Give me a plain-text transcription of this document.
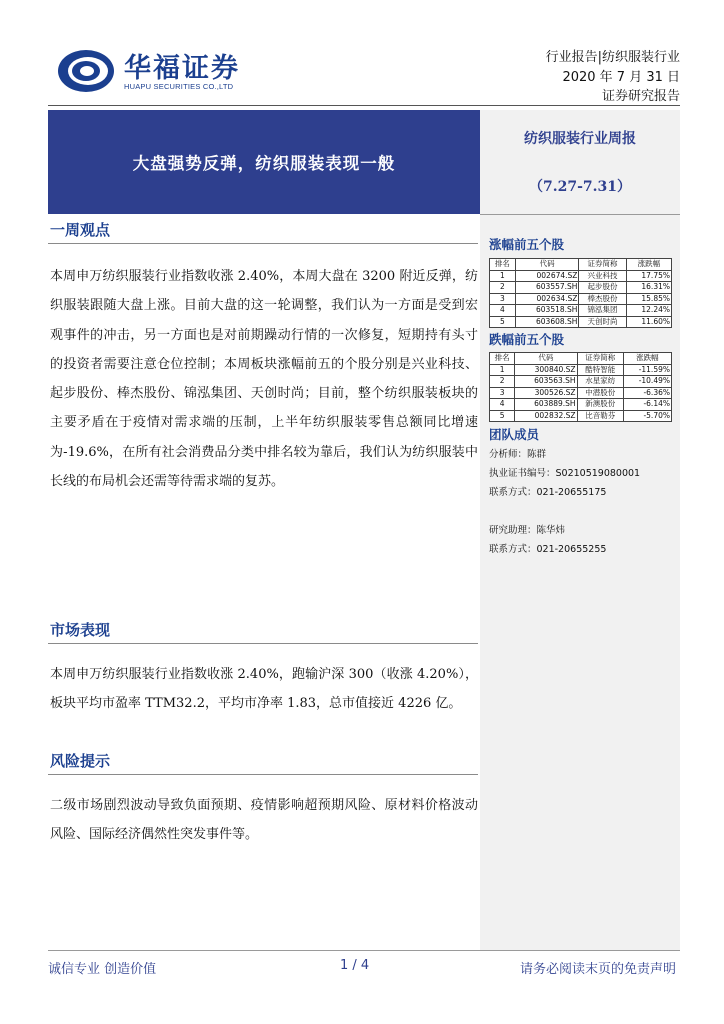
华福证券
HUAPU SECURITIES CO.,LTD
行业报告|纺织服装行业
2020 年 7 月 31 日
证券研究报告
大盘强势反弹，纺织服装表现一般
纺织服装行业周报
（7.27-7.31）
一周观点

本周申万纺织服装行业指数收涨 2.40%，本周大盘在 3200 附近反弹，纺织服装跟随大盘上涨。目前大盘的这一轮调整，我们认为一方面是受到宏观事件的冲击，另一方面也是对前期躁动行情的一次修复，短期持有头寸的投资者需要注意仓位控制；本周板块涨幅前五的个股分别是兴业科技、起步股份、棒杰股份、锦泓集团、天创时尚；目前，整个纺织服装板块的主要矛盾在于疫情对需求端的压制，上半年纺织服装零售总额同比增速为-19.6%，在所有社会消费品分类中排名较为靠后，我们认为纺织服装中长线的布局机会还需等待需求端的复苏。

市场表现

本周申万纺织服装行业指数收涨 2.40%，跑输沪深 300（收涨 4.20%），板块平均市盈率 TTM32.2，平均市净率 1.83，总市值接近 4226 亿。

风险提示

二级市场剧烈波动导致负面预期、疫情影响超预期风险、原材料价格波动风险、国际经济偶然性突发事件等。

涨幅前五个股
排名	代码	证券简称	涨跌幅
1	002674.SZ	兴业科技	17.75%
2	603557.SH	起步股份	16.31%
3	002634.SZ	棒杰股份	15.85%
4	603518.SH	锦泓集团	12.24%
5	603608.SH	天创时尚	11.60%
跌幅前五个股
排名	代码	证券简称	涨跌幅
1	300840.SZ	酷特智能	-11.59%
2	603563.SH	水星家纺	-10.49%
3	300526.SZ	中潜股份	-6.36%
4	603889.SH	新澳股份	-6.14%
5	002832.SZ	比音勒芬	-5.70%
团队成员
分析师：陈群
执业证书编号：S0210519080001
联系方式：021-20655175
研究助理：陈华炜
联系方式：021-20655255
诚信专业 创造价值	1 / 4	请务必阅读末页的免责声明
